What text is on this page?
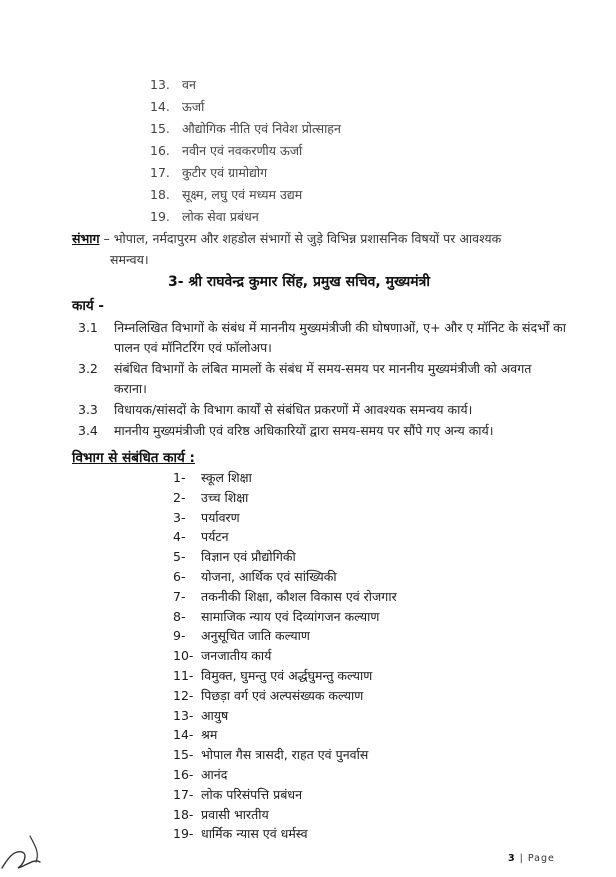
13. वन
14. ऊर्जा
15. औद्योगिक नीति एवं निवेश प्रोत्साहन
16. नवीन एवं नवकरणीय ऊर्जा
17. कुटीर एवं ग्रामोद्योग
18. सूक्ष्म, लघु एवं मध्यम उद्यम
19. लोक सेवा प्रबंधन
संभाग – भोपाल, नर्मदापुरम और शहडोल संभागों से जुड़े विभिन्न प्रशासनिक विषयों पर आवश्यक
समन्वय।
3- श्री राघवेन्द्र कुमार सिंह, प्रमुख सचिव, मुख्यमंत्री
कार्य -
3.1	निम्नलिखित विभागों के संबंध में माननीय मुख्यमंत्रीजी की घोषणाओं, ए+ और ए मॉनिट के संदर्भों का पालन एवं मॉनिटरिंग एवं फॉलोअप।
3.2	संबंधित विभागों के लंबित मामलों के संबंध में समय-समय पर माननीय मुख्यमंत्रीजी को अवगत कराना।
3.3	विधायक/सांसदों के विभाग कार्यों से संबंधित प्रकरणों में आवश्यक समन्वय कार्य।
3.4	माननीय मुख्यमंत्रीजी एवं वरिष्ठ अधिकारियों द्वारा समय-समय पर सौंपे गए अन्य कार्य।
विभाग से संबंधित कार्य :
1-	स्कूल शिक्षा
2-	उच्च शिक्षा
3-	पर्यावरण
4-	पर्यटन
5-	विज्ञान एवं प्रौद्योगिकी
6-	योजना, आर्थिक एवं सांख्यिकी
7-	तकनीकी शिक्षा, कौशल विकास एवं रोजगार
8-	सामाजिक न्याय एवं दिव्यांगजन कल्याण
9-	अनुसूचित जाति कल्याण
10- जनजातीय कार्य
11- विमुक्त, घुमन्तु एवं अर्द्धघुमन्तु कल्याण
12- पिछड़ा वर्ग एवं अल्पसंख्यक कल्याण
13- आयुष
14- श्रम
15- भोपाल गैस त्रासदी, राहत एवं पुनर्वास
16- आनंद
17- लोक परिसंपत्ति प्रबंधन
18- प्रवासी भारतीय
19- धार्मिक न्यास एवं धर्मस्व
3 | Page
